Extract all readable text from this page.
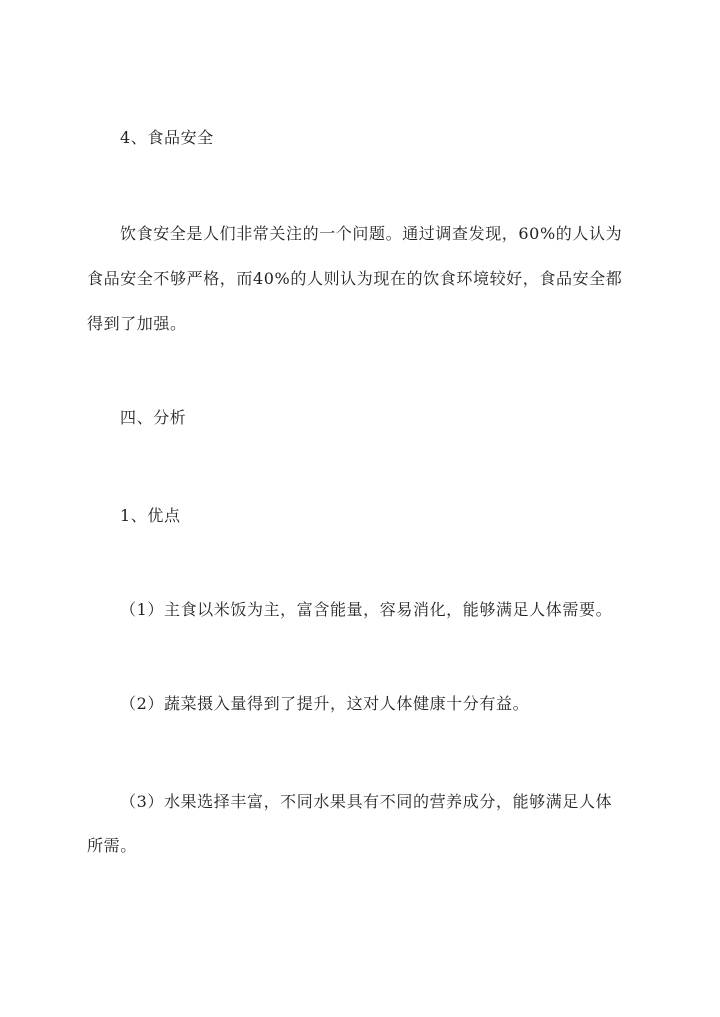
4、食品安全
饮食安全是人们非常关注的一个问题。通过调查发现，60%的人认为
食品安全不够严格，而40%的人则认为现在的饮食环境较好，食品安全都
得到了加强。
四、分析
1、优点
（1）主食以米饭为主，富含能量，容易消化，能够满足人体需要。
（2）蔬菜摄入量得到了提升，这对人体健康十分有益。
（3）水果选择丰富，不同水果具有不同的营养成分，能够满足人体
所需。
